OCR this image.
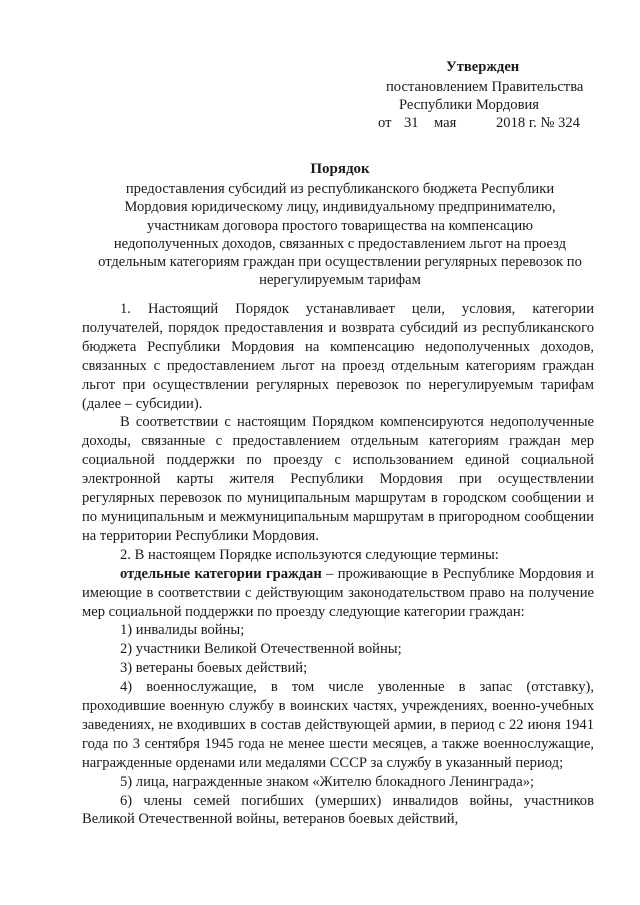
Утвержден
постановлением Правительства
Республики Мордовия
от 31	мая	2018 г. № 324
Порядок
предоставления субсидий из республиканского бюджета Республики
Мордовия юридическому лицу, индивидуальному предпринимателю,
участникам договора простого товарищества на компенсацию
недополученных доходов, связанных с предоставлением льгот на проезд
отдельным категориям граждан при осуществлении регулярных перевозок по
нерегулируемым тарифам

1. Настоящий Порядок устанавливает цели, условия, категории получателей, порядок предоставления и возврата субсидий из республиканского бюджета Республики Мордовия на компенсацию недополученных доходов, связанных с предоставлением льгот на проезд отдельным категориям граждан льгот при осуществлении регулярных перевозок по нерегулируемым тарифам (далее – субсидии).

В соответствии с настоящим Порядком компенсируются недополученные доходы, связанные с предоставлением отдельным категориям граждан мер социальной поддержки по проезду с использованием единой социальной электронной карты жителя Республики Мордовия при осуществлении регулярных перевозок по муниципальным маршрутам в городском сообщении и по муниципальным и межмуниципальным маршрутам в пригородном сообщении на территории Республики Мордовия.

2. В настоящем Порядке используются следующие термины:

отдельные категории граждан – проживающие в Республике Мордовия и имеющие в соответствии с действующим законодательством право на получение мер социальной поддержки по проезду следующие категории граждан:

1) инвалиды войны;

2) участники Великой Отечественной войны;

3) ветераны боевых действий;

4) военнослужащие, в том числе уволенные в запас (отставку), проходившие военную службу в воинских частях, учреждениях, военно-учебных заведениях, не входивших в состав действующей армии, в период с 22 июня 1941 года по 3 сентября 1945 года не менее шести месяцев, а также военнослужащие, награжденные орденами или медалями СССР за службу в указанный период;

5) лица, награжденные знаком «Жителю блокадного Ленинграда»;

6) члены семей погибших (умерших) инвалидов войны, участников Великой Отечественной войны, ветеранов боевых действий,
